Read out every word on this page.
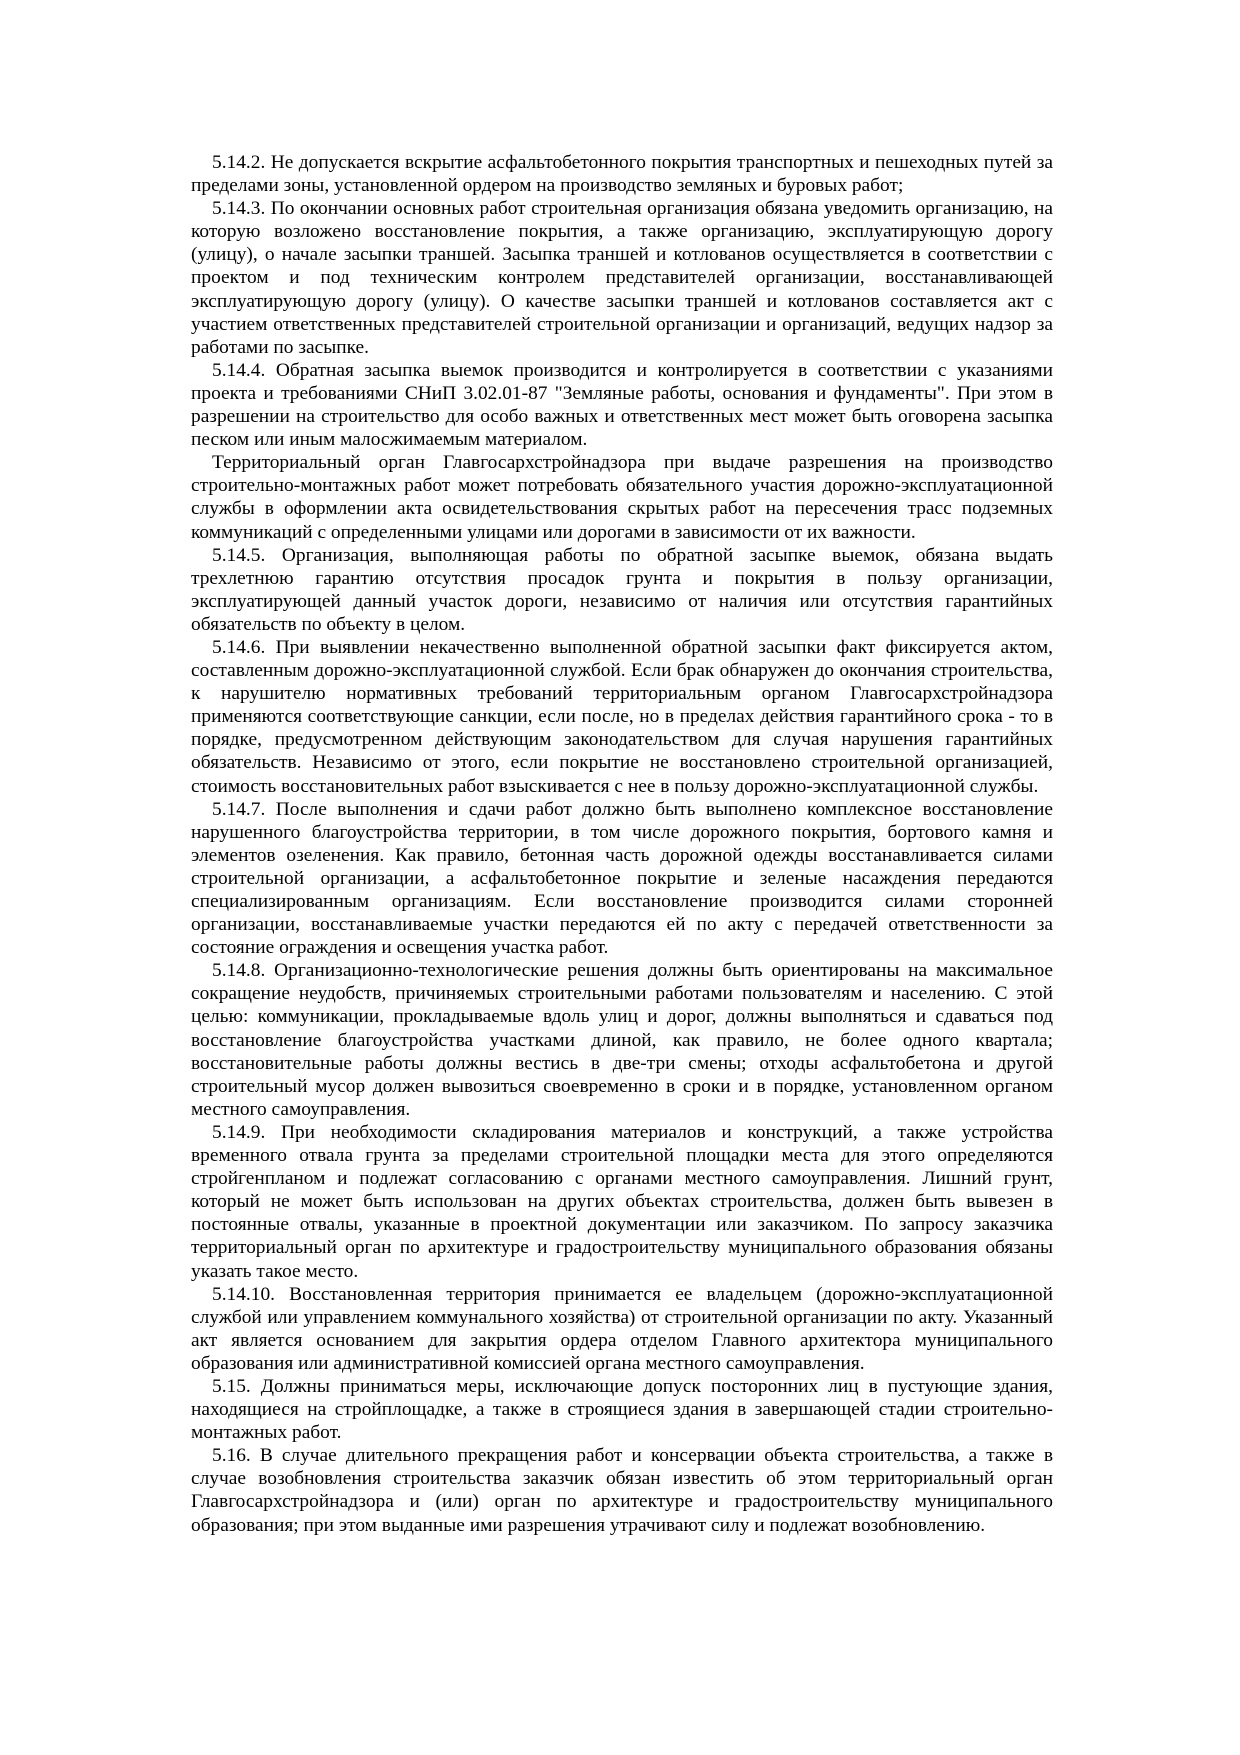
5.14.2. Не допускается вскрытие асфальтобетонного покрытия транспортных и пешеходных путей за пределами зоны, установленной ордером на производство земляных и буровых работ;

5.14.3. По окончании основных работ строительная организация обязана уведомить организацию, на которую возложено восстановление покрытия, а также организацию, эксплуатирующую дорогу (улицу), о начале засыпки траншей. Засыпка траншей и котлованов осуществляется в соответствии с проектом и под техническим контролем представителей организации, восстанавливающей эксплуатирующую дорогу (улицу). О качестве засыпки траншей и котлованов составляется акт с участием ответственных представителей строительной организации и организаций, ведущих надзор за работами по засыпке.

5.14.4. Обратная засыпка выемок производится и контролируется в соответствии с указаниями проекта и требованиями СНиП 3.02.01-87 "Земляные работы, основания и фундаменты". При этом в разрешении на строительство для особо важных и ответственных мест может быть оговорена засыпка песком или иным малосжимаемым материалом.

Территориальный орган Главгосархстройнадзора при выдаче разрешения на производство строительно-монтажных работ может потребовать обязательного участия дорожно-эксплуатационной службы в оформлении акта освидетельствования скрытых работ на пересечения трасс подземных коммуникаций с определенными улицами или дорогами в зависимости от их важности.

5.14.5. Организация, выполняющая работы по обратной засыпке выемок, обязана выдать трехлетнюю гарантию отсутствия просадок грунта и покрытия в пользу организации, эксплуатирующей данный участок дороги, независимо от наличия или отсутствия гарантийных обязательств по объекту в целом.

5.14.6. При выявлении некачественно выполненной обратной засыпки факт фиксируется актом, составленным дорожно-эксплуатационной службой. Если брак обнаружен до окончания строительства, к нарушителю нормативных требований территориальным органом Главгосархстройнадзора применяются соответствующие санкции, если после, но в пределах действия гарантийного срока - то в порядке, предусмотренном действующим законодательством для случая нарушения гарантийных обязательств. Независимо от этого, если покрытие не восстановлено строительной организацией, стоимость восстановительных работ взыскивается с нее в пользу дорожно-эксплуатационной службы.

5.14.7. После выполнения и сдачи работ должно быть выполнено комплексное восстановление нарушенного благоустройства территории, в том числе дорожного покрытия, бортового камня и элементов озеленения. Как правило, бетонная часть дорожной одежды восстанавливается силами строительной организации, а асфальтобетонное покрытие и зеленые насаждения передаются специализированным организациям. Если восстановление производится силами сторонней организации, восстанавливаемые участки передаются ей по акту с передачей ответственности за состояние ограждения и освещения участка работ.

5.14.8. Организационно-технологические решения должны быть ориентированы на максимальное сокращение неудобств, причиняемых строительными работами пользователям и населению. С этой целью: коммуникации, прокладываемые вдоль улиц и дорог, должны выполняться и сдаваться под восстановление благоустройства участками длиной, как правило, не более одного квартала; восстановительные работы должны вестись в две-три смены; отходы асфальтобетона и другой строительный мусор должен вывозиться своевременно в сроки и в порядке, установленном органом местного самоуправления.

5.14.9. При необходимости складирования материалов и конструкций, а также устройства временного отвала грунта за пределами строительной площадки места для этого определяются стройгенпланом и подлежат согласованию с органами местного самоуправления. Лишний грунт, который не может быть использован на других объектах строительства, должен быть вывезен в постоянные отвалы, указанные в проектной документации или заказчиком. По запросу заказчика территориальный орган по архитектуре и градостроительству муниципального образования обязаны указать такое место.

5.14.10. Восстановленная территория принимается ее владельцем (дорожно-эксплуатационной службой или управлением коммунального хозяйства) от строительной организации по акту. Указанный акт является основанием для закрытия ордера отделом Главного архитектора муниципального образования или административной комиссией органа местного самоуправления.

5.15. Должны приниматься меры, исключающие допуск посторонних лиц в пустующие здания, находящиеся на стройплощадке, а также в строящиеся здания в завершающей стадии строительно-монтажных работ.

5.16. В случае длительного прекращения работ и консервации объекта строительства, а также в случае возобновления строительства заказчик обязан известить об этом территориальный орган Главгосархстройнадзора и (или) орган по архитектуре и градостроительству муниципального образования; при этом выданные ими разрешения утрачивают силу и подлежат возобновлению.
